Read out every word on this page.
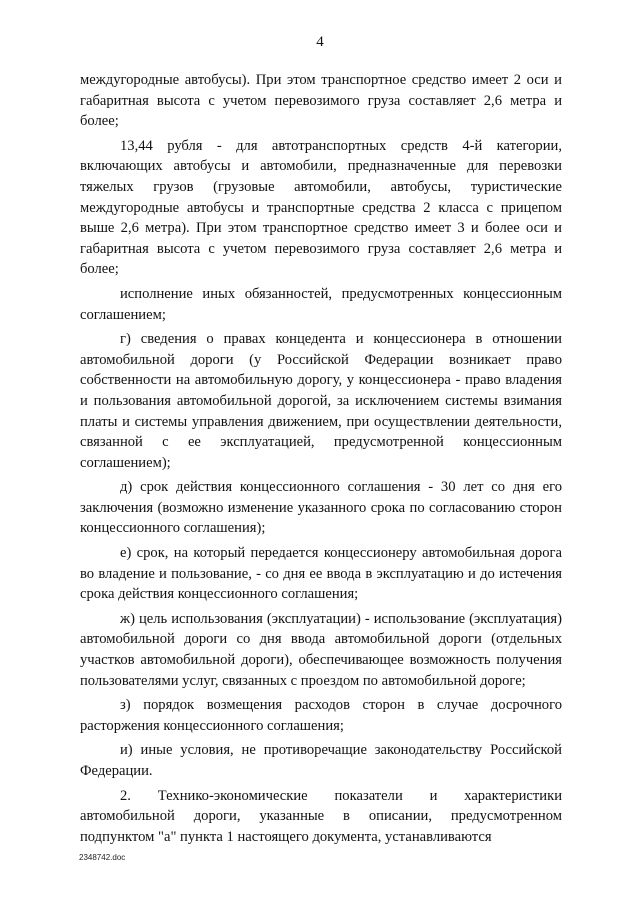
4

междугородные автобусы). При этом транспортное средство имеет 2 оси и габаритная высота с учетом перевозимого груза составляет 2,6 метра и более;

13,44 рубля - для автотранспортных средств 4-й категории, включающих автобусы и автомобили, предназначенные для перевозки тяжелых грузов (грузовые автомобили, автобусы, туристические междугородные автобусы и транспортные средства 2 класса с прицепом выше 2,6 метра). При этом транспортное средство имеет 3 и более оси и габаритная высота с учетом перевозимого груза составляет 2,6 метра и более;

исполнение иных обязанностей, предусмотренных концессионным соглашением;

г) сведения о правах концедента и концессионера в отношении автомобильной дороги (у Российской Федерации возникает право собственности на автомобильную дорогу, у концессионера - право владения и пользования автомобильной дорогой, за исключением системы взимания платы и системы управления движением, при осуществлении деятельности, связанной с ее эксплуатацией, предусмотренной концессионным соглашением);

д) срок действия концессионного соглашения - 30 лет со дня его заключения (возможно изменение указанного срока по согласованию сторон концессионного соглашения);

е) срок, на который передается концессионеру автомобильная дорога во владение и пользование, - со дня ее ввода в эксплуатацию и до истечения срока действия концессионного соглашения;

ж) цель использования (эксплуатации) - использование (эксплуатация) автомобильной дороги со дня ввода автомобильной дороги (отдельных участков автомобильной дороги), обеспечивающее возможность получения пользователями услуг, связанных с проездом по автомобильной дороге;

з) порядок возмещения расходов сторон в случае досрочного расторжения концессионного соглашения;

и) иные условия, не противоречащие законодательству Российской Федерации.

2. Технико-экономические показатели и характеристики автомобильной дороги, указанные в описании, предусмотренном подпунктом "а" пункта 1 настоящего документа, устанавливаются

2348742.doc
